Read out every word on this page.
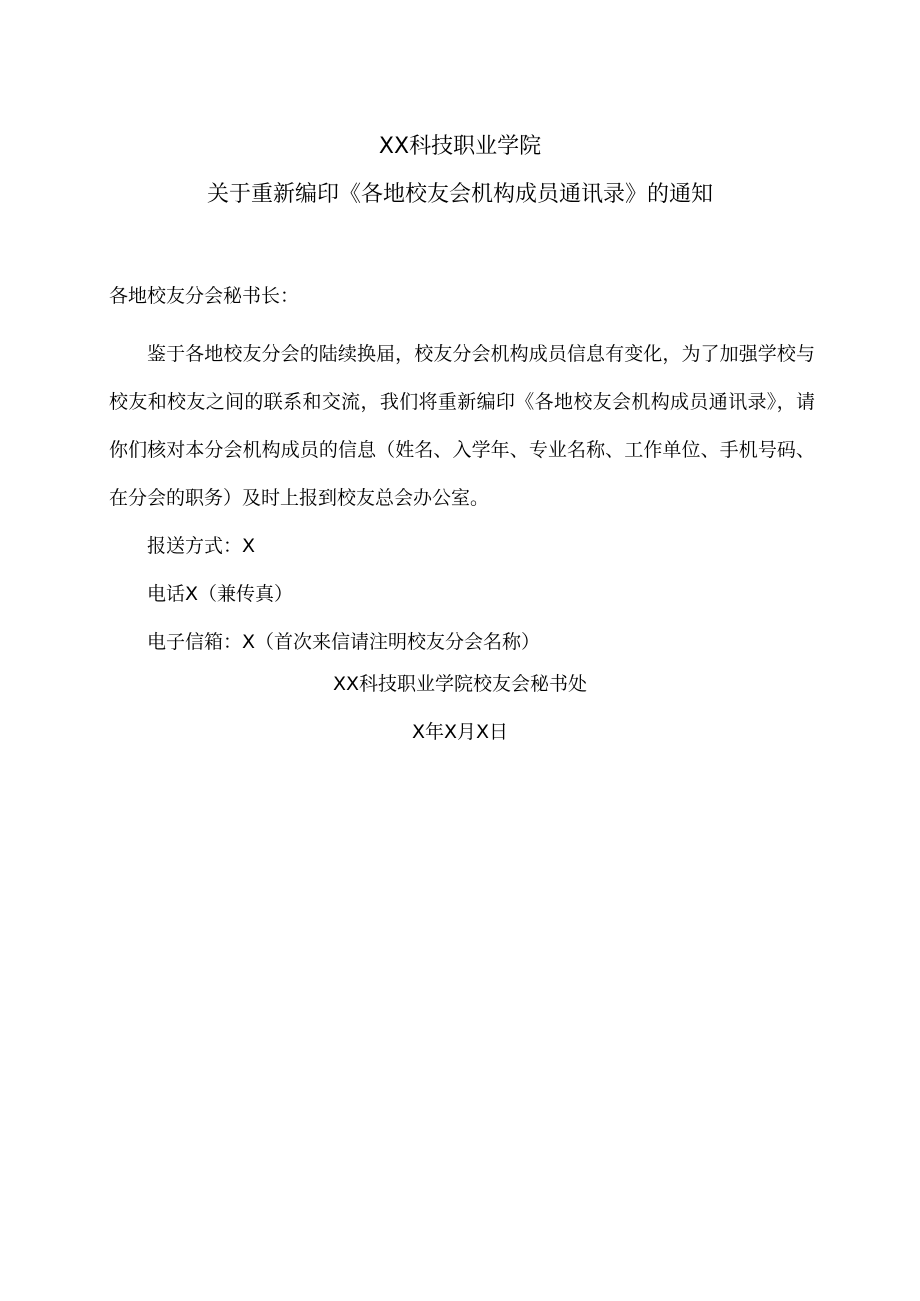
XX科技职业学院
关于重新编印《各地校友会机构成员通讯录》的通知

各地校友分会秘书长：

鉴于各地校友分会的陆续换届，校友分会机构成员信息有变化，为了加强学校与校友和校友之间的联系和交流，我们将重新编印《各地校友会机构成员通讯录》，请你们核对本分会机构成员的信息（姓名、入学年、专业名称、工作单位、手机号码、在分会的职务）及时上报到校友总会办公室。

报送方式：X

电话X（兼传真）

电子信箱：X（首次来信请注明校友分会名称）

XX科技职业学院校友会秘书处
X年X月X日
